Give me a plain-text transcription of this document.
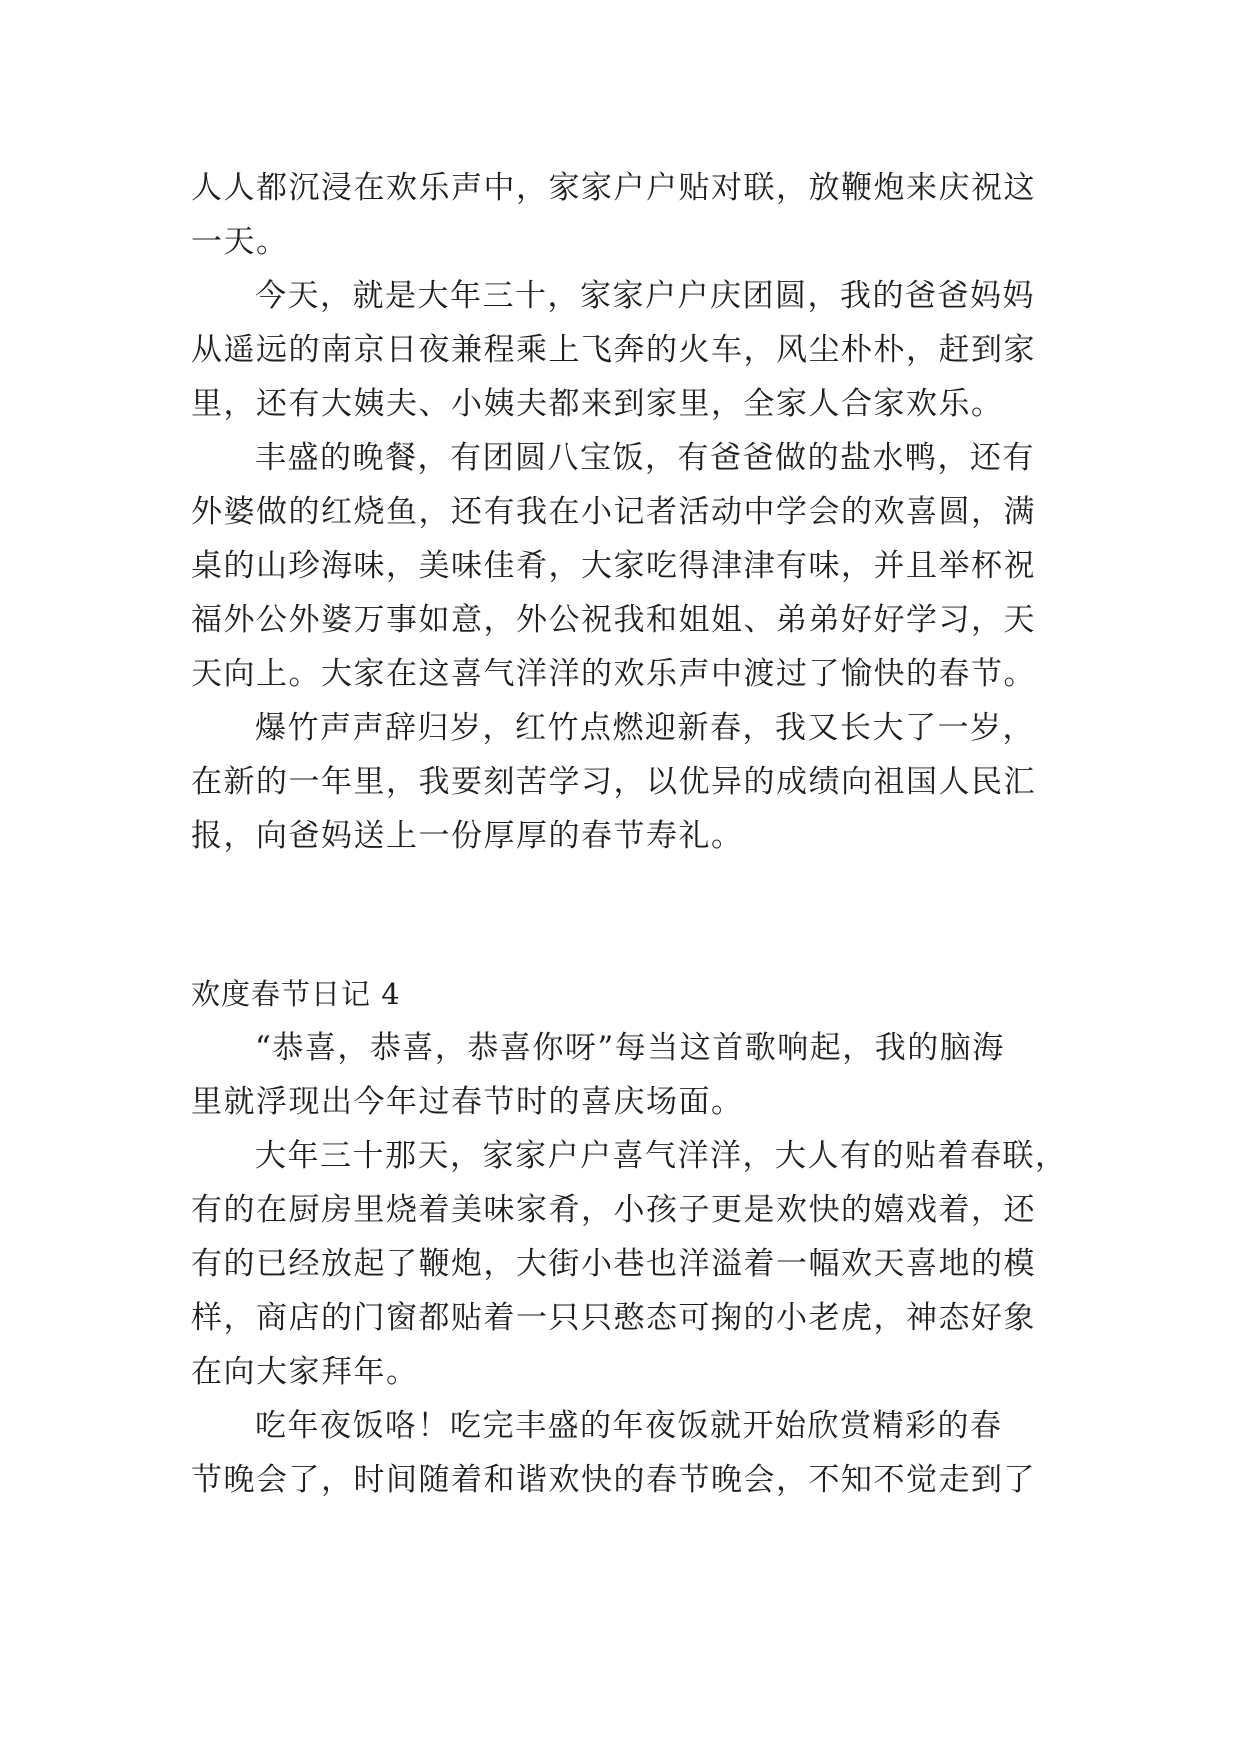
人人都沉浸在欢乐声中，家家户户贴对联，放鞭炮来庆祝这
一天。
今天，就是大年三十，家家户户庆团圆，我的爸爸妈妈
从遥远的南京日夜兼程乘上飞奔的火车，风尘朴朴，赶到家
里，还有大姨夫、小姨夫都来到家里，全家人合家欢乐。
丰盛的晚餐，有团圆八宝饭，有爸爸做的盐水鸭，还有
外婆做的红烧鱼，还有我在小记者活动中学会的欢喜圆，满
桌的山珍海味，美味佳肴，大家吃得津津有味，并且举杯祝
福外公外婆万事如意，外公祝我和姐姐、弟弟好好学习，天
天向上。大家在这喜气洋洋的欢乐声中渡过了愉快的春节。
爆竹声声辞归岁，红竹点燃迎新春，我又长大了一岁，
在新的一年里，我要刻苦学习，以优异的成绩向祖国人民汇
报，向爸妈送上一份厚厚的春节寿礼。
欢度春节日记 4
“恭喜，恭喜，恭喜你呀”每当这首歌响起，我的脑海
里就浮现出今年过春节时的喜庆场面。
大年三十那天，家家户户喜气洋洋，大人有的贴着春联，
有的在厨房里烧着美味家肴，小孩子更是欢快的嬉戏着，还
有的已经放起了鞭炮，大街小巷也洋溢着一幅欢天喜地的模
样，商店的门窗都贴着一只只憨态可掬的小老虎，神态好象
在向大家拜年。
吃年夜饭咯！吃完丰盛的年夜饭就开始欣赏精彩的春
节晚会了，时间随着和谐欢快的春节晚会，不知不觉走到了
